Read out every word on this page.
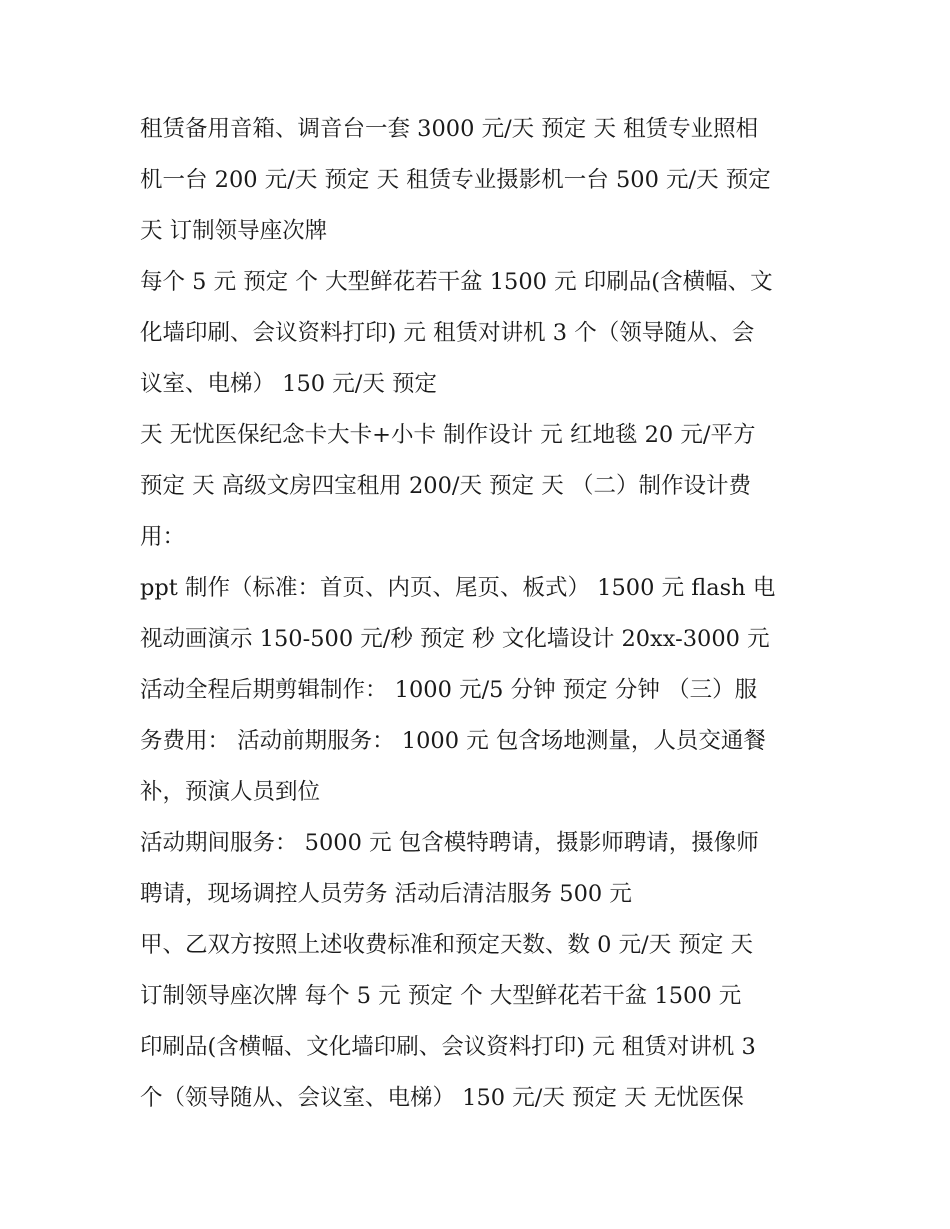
租赁备用音箱、调音台一套 3000 元/天 预定 天 租赁专业照相
机一台 200 元/天 预定 天 租赁专业摄影机一台 500 元/天 预定
天 订制领导座次牌
每个 5 元 预定 个 大型鲜花若干盆 1500 元 印刷品(含横幅、文
化墙印刷、会议资料打印) 元 租赁对讲机 3 个（领导随从、会
议室、电梯） 150 元/天 预定
天 无忧医保纪念卡大卡+小卡 制作设计 元 红地毯 20 元/平方
预定 天 高级文房四宝租用 200/天 预定 天 （二）制作设计费
用：
ppt 制作（标准：首页、内页、尾页、板式） 1500 元 flash 电
视动画演示 150-500 元/秒 预定 秒 文化墙设计 20xx-3000 元
活动全程后期剪辑制作： 1000 元/5 分钟 预定 分钟 （三）服
务费用： 活动前期服务： 1000 元 包含场地测量，人员交通餐
补，预演人员到位
活动期间服务： 5000 元 包含模特聘请，摄影师聘请，摄像师
聘请，现场调控人员劳务 活动后清洁服务 500 元
甲、乙双方按照上述收费标准和预定天数、数 0 元/天 预定 天
订制领导座次牌 每个 5 元 预定 个 大型鲜花若干盆 1500 元
印刷品(含横幅、文化墙印刷、会议资料打印) 元 租赁对讲机 3
个（领导随从、会议室、电梯） 150 元/天 预定 天 无忧医保
